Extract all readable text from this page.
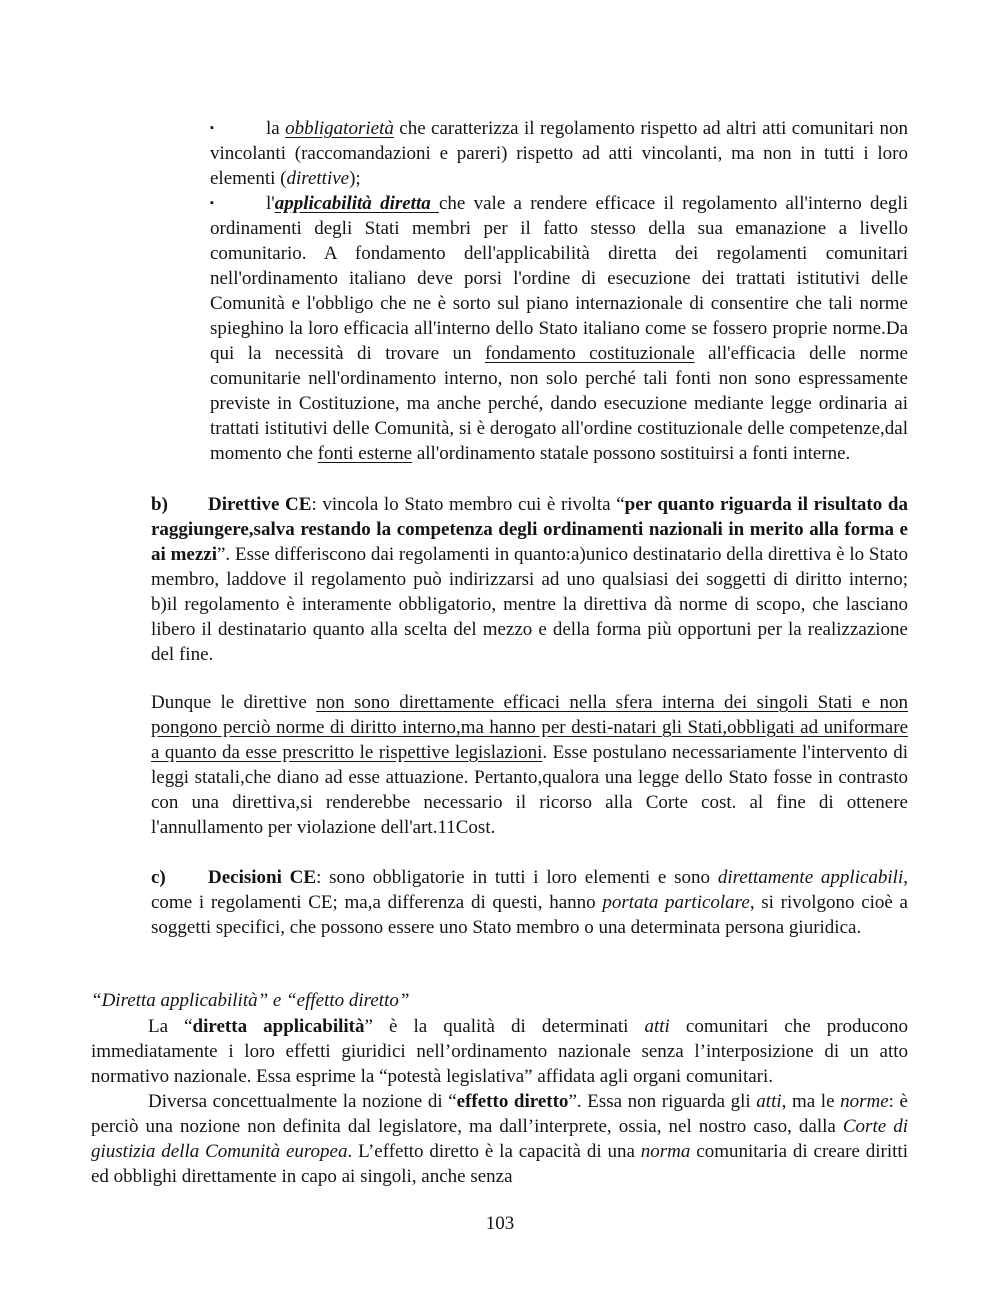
▪	la obbligatorietà che caratterizza il regolamento rispetto ad altri atti comunitari non vincolanti (raccomandazioni e pareri) rispetto ad atti vincolanti, ma non in tutti i loro elementi (direttive);
▪	l'applicabilità diretta che vale a rendere efficace il regolamento all'interno degli ordinamenti degli Stati membri per il fatto stesso della sua emanazione a livello comunitario. A fondamento dell'applicabilità diretta dei regolamenti comunitari nell'ordinamento italiano deve porsi l'ordine di esecuzione dei trattati istitutivi delle Comunità e l'obbligo che ne è sorto sul piano internazionale di consentire che tali norme spieghino la loro efficacia all'interno dello Stato italiano come se fossero proprie norme.Da qui la necessità di trovare un fondamento costituzionale all'efficacia delle norme comunitarie nell'ordinamento interno, non solo perché tali fonti non sono espressamente previste in Costituzione, ma anche perché, dando esecuzione mediante legge ordinaria ai trattati istitutivi delle Comunità, si è derogato all'ordine costituzionale delle competenze,dal momento che fonti esterne all'ordinamento statale possono sostituirsi a fonti interne.
b) Direttive CE: vincola lo Stato membro cui è rivolta “per quanto riguarda il risultato da raggiungere,salva restando la competenza degli ordinamenti nazionali in merito alla forma e ai mezzi”. Esse differiscono dai regolamenti in quanto:a)unico destinatario della direttiva è lo Stato membro, laddove il regolamento può indirizzarsi ad uno qualsiasi dei soggetti di diritto interno; b)il regolamento è interamente obbligatorio, mentre la direttiva dà norme di scopo, che lasciano libero il destinatario quanto alla scelta del mezzo e della forma più opportuni per la realizzazione del fine.
Dunque le direttive non sono direttamente efficaci nella sfera interna dei singoli Stati e non pongono perciò norme di diritto interno,ma hanno per desti-natari gli Stati,obbligati ad uniformare a quanto da esse prescritto le rispettive legislazioni. Esse postulano necessariamente l'intervento di leggi statali,che diano ad esse attuazione. Pertanto,qualora una legge dello Stato fosse in contrasto con una direttiva,si renderebbe necessario il ricorso alla Corte cost. al fine di ottenere l'annullamento per violazione dell'art.11Cost.
c) Decisioni CE: sono obbligatorie in tutti i loro elementi e sono direttamente applicabili, come i regolamenti CE; ma,a differenza di questi, hanno portata particolare, si rivolgono cioè a soggetti specifici, che possono essere uno Stato membro o una determinata persona giuridica.
“Diretta applicabilità” e “effetto diretto”
La “diretta applicabilità” è la qualità di determinati atti comunitari che producono immediatamente i loro effetti giuridici nell’ordinamento nazionale senza l’interposizione di un atto normativo nazionale. Essa esprime la “potestà legislativa” affidata agli organi comunitari.
Diversa concettualmente la nozione di “effetto diretto”. Essa non riguarda gli atti, ma le norme: è perciò una nozione non definita dal legislatore, ma dall’interprete, ossia, nel nostro caso, dalla Corte di giustizia della Comunità europea. L’effetto diretto è la capacità di una norma comunitaria di creare diritti ed obblighi direttamente in capo ai singoli, anche senza
103
